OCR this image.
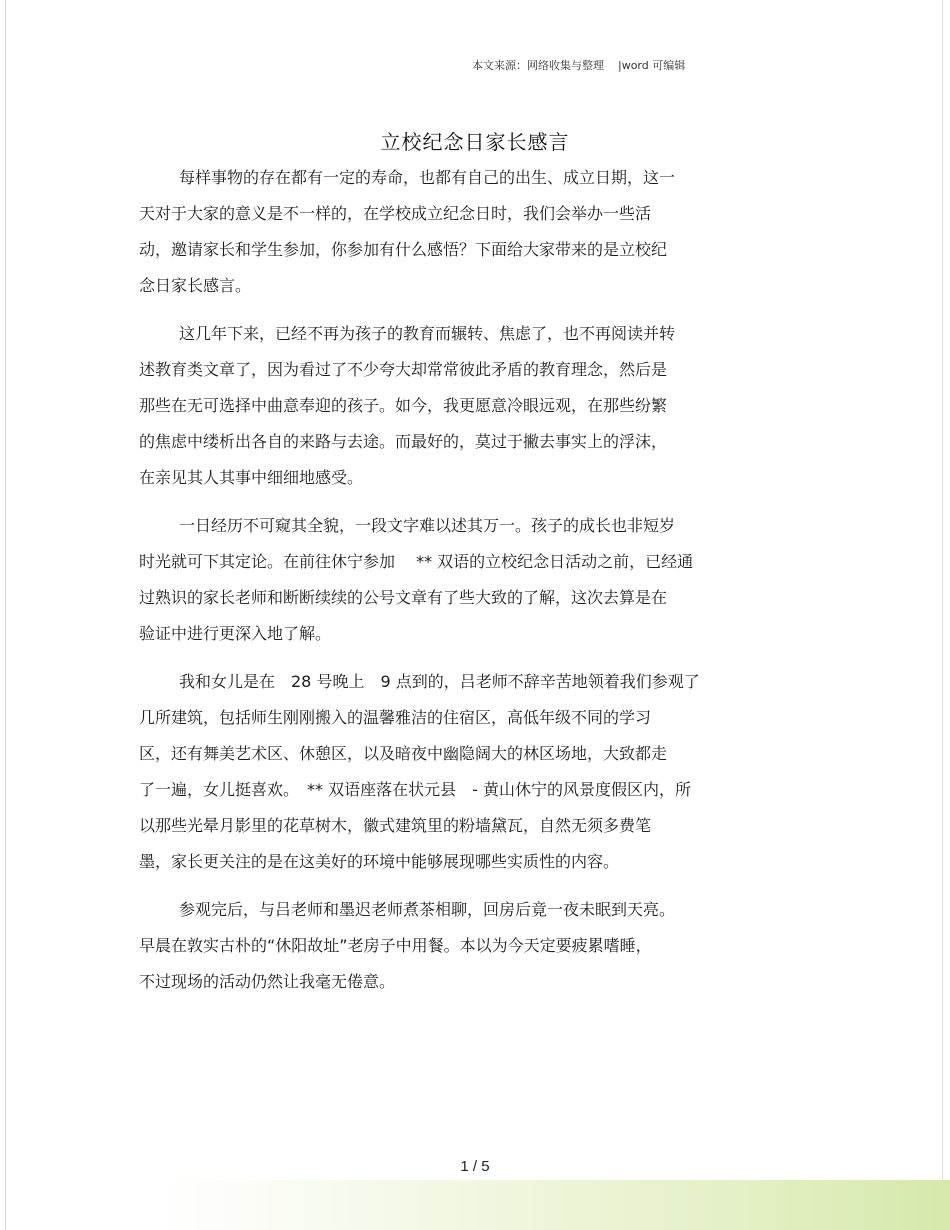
本文来源：网络收集与整理 |word 可编辑
立校纪念日家长感言
每样事物的存在都有一定的寿命，也都有自己的出生、成立日期，这一
天对于大家的意义是不一样的，在学校成立纪念日时，我们会举办一些活
动，邀请家长和学生参加，你参加有什么感悟？下面给大家带来的是立校纪
念日家长感言。
这几年下来，已经不再为孩子的教育而辗转、焦虑了，也不再阅读并转
述教育类文章了，因为看过了不少夸大却常常彼此矛盾的教育理念，然后是
那些在无可选择中曲意奉迎的孩子。如今，我更愿意冷眼远观，在那些纷繁
的焦虑中缕析出各自的来路与去途。而最好的，莫过于撇去事实上的浮沫，
在亲见其人其事中细细地感受。
一日经历不可窥其全貌，一段文字难以述其万一。孩子的成长也非短岁
时光就可下其定论。在前往休宁参加　 ** 双语的立校纪念日活动之前，已经通
过熟识的家长老师和断断续续的公号文章有了些大致的了解，这次去算是在
验证中进行更深入地了解。
我和女儿是在　28 号晚上　9 点到的，吕老师不辞辛苦地领着我们参观了
几所建筑，包括师生刚刚搬入的温馨雅洁的住宿区，高低年级不同的学习
区，还有舞美艺术区、休憩区，以及暗夜中幽隐阔大的林区场地，大致都走
了一遍，女儿挺喜欢。　** 双语座落在状元县　- 黄山休宁的风景度假区内，所
以那些光晕月影里的花草树木，徽式建筑里的粉墙黛瓦，自然无须多费笔
墨，家长更关注的是在这美好的环境中能够展现哪些实质性的内容。
参观完后，与吕老师和墨迟老师煮茶相聊，回房后竟一夜未眠到天亮。
早晨在敦实古朴的“休阳故址”老房子中用餐。本以为今天定要疲累嗜睡，
不过现场的活动仍然让我毫无倦意。
1 / 5
